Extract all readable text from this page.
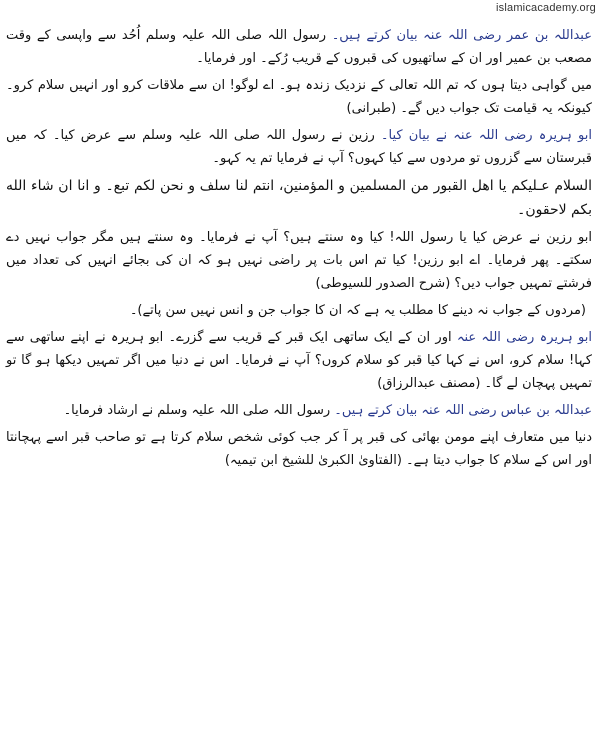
islamicacademy.org

عبداللہ بن عمر رضی اللہ عنہ بیان کرتے ہیں۔ رسول اللہ صلی اللہ علیہ وسلم اُحُد سے واپسی کے وقت مصعب بن عمیر اور ان کے ساتھیوں کی قبروں کے قریب رُکے۔ اور فرمایا۔

میں گواہی دیتا ہوں کہ تم اللہ تعالی کے نزدیک زندہ ہو۔ اے لوگو! ان سے ملاقات کرو اور انہیں سلام کرو۔ کیونکہ یہ قیامت تک جواب دیں گے۔ (طبرانی)

ابو ہریرہ رضی اللہ عنہ نے بیان کیا۔ رزین نے رسول اللہ صلی اللہ علیہ وسلم سے عرض کیا۔ کہ میں قبرستان سے گزروں تو مردوں سے کیا کہوں؟ آپ نے فرمایا تم یہ کہو۔

السلام عـليكم يا اهل القبور من المسلمين و المؤمنين، انتم لنا سلف و نحن لكم تبع۔ و انا ان شاء الله بكم لاحقون۔

ابو رزین نے عرض کیا یا رسول اللہ! کیا وہ سنتے ہیں؟ آپ نے فرمایا۔ وہ سنتے ہیں مگر جواب نہیں دے سکتے۔ پھر فرمایا۔ اے ابو رزین! کیا تم اس بات پر راضی نہیں ہو کہ ان کی بجائے انہیں کی تعداد میں فرشتے تمہیں جواب دیں؟ (شرح الصدور للسیوطی)

(مردوں کے جواب نہ دینے کا مطلب یہ ہے کہ ان کا جواب جن و انس نہیں سن پاتے)۔

ابو ہریرہ رضی اللہ عنہ اور ان کے ایک ساتھی ایک قبر کے قریب سے گزرے۔ ابو ہریرہ نے اپنے ساتھی سے کہا! سلام کرو، اس نے کہا کیا قبر کو سلام کروں؟ آپ نے فرمایا۔ اس نے دنیا میں اگر تمہیں دیکھا ہو گا تو تمہیں پہچان لے گا۔ (مصنف عبدالرزاق)

عبداللہ بن عباس رضی اللہ عنہ بیان کرتے ہیں۔ رسول اللہ صلی اللہ علیہ وسلم نے ارشاد فرمایا۔

دنیا میں متعارف اپنے مومن بھائی کی قبر پر آ کر جب کوئی شخص سلام کرتا ہے تو صاحب قبر اسے پہچانتا اور اس کے سلام کا جواب دیتا ہے۔ (الفتاویٰ الکبریٰ للشیخ ابن تیمیہ)
